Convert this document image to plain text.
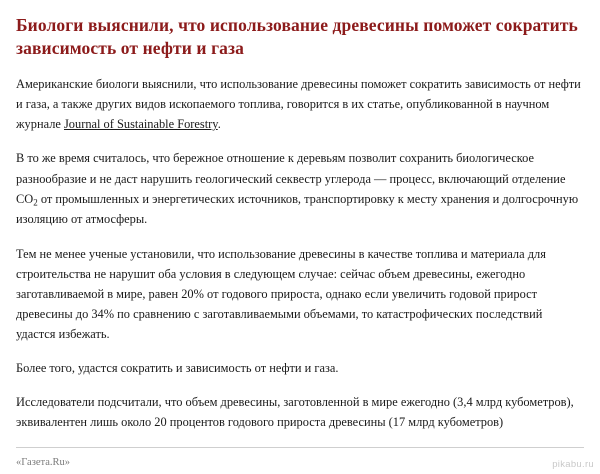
Биологи выяснили, что использование древесины поможет сократить зависимость от нефти и газа

Американские биологи выяснили, что использование древесины поможет сократить зависимость от нефти и газа, а также других видов ископаемого топлива, говорится в их статье, опубликованной в научном журнале Journal of Sustainable Forestry.

В то же время считалось, что бережное отношение к деревьям позволит сохранить биологическое разнообразие и не даст нарушить геологический секвестр углерода — процесс, включающий отделение $CO_2$ от промышленных и энергетических источников, транспортировку к месту хранения и долгосрочную изоляцию от атмосферы.

Тем не менее ученые установили, что использование древесины в качестве топлива и материала для строительства не нарушит оба условия в следующем случае: сейчас объем древесины, ежегодно заготавливаемой в мире, равен 20% от годового прироста, однако если увеличить годовой прирост древесины до 34% по сравнению с заготавливаемыми объемами, то катастрофических последствий удастся избежать.

Более того, удастся сократить и зависимость от нефти и газа.

Исследователи подсчитали, что объем древесины, заготовленной в мире ежегодно (3,4 млрд кубометров), эквивалентен лишь около 20 процентов годового прироста древесины (17 млрд кубометров)

«Газета.Ru»	pikabu.ru
